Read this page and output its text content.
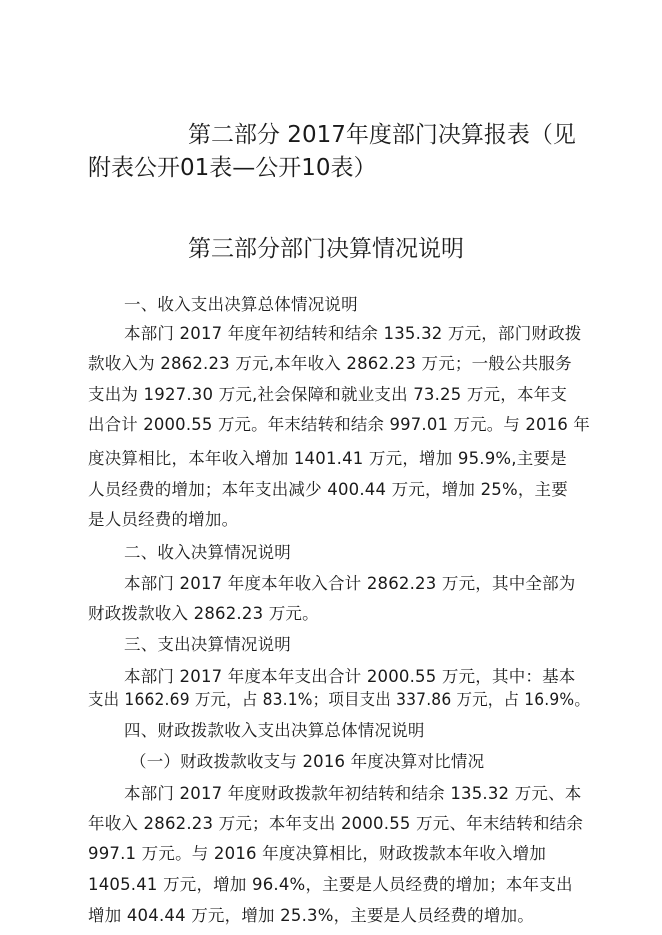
第二部分 2017年度部门决算报表（见
附表公开01表—公开10表）
第三部分部门决算情况说明
一、收入支出决算总体情况说明
本部门 2017 年度年初结转和结余 135.32 万元，部门财政拨
款收入为 2862.23 万元,本年收入 2862.23 万元；一般公共服务
支出为 1927.30 万元,社会保障和就业支出 73.25 万元，本年支
出合计 2000.55 万元。年末结转和结余 997.01 万元。与 2016 年
度决算相比，本年收入增加 1401.41 万元，增加 95.9%,主要是
人员经费的增加；本年支出减少 400.44 万元，增加 25%，主要
是人员经费的增加。
二、收入决算情况说明
本部门 2017 年度本年收入合计 2862.23 万元，其中全部为
财政拨款收入 2862.23 万元。
三、支出决算情况说明
本部门 2017 年度本年支出合计 2000.55 万元，其中：基本
支出 1662.69 万元，占 83.1%；项目支出 337.86 万元，占 16.9%。
四、财政拨款收入支出决算总体情况说明
（一）财政拨款收支与 2016 年度决算对比情况
本部门 2017 年度财政拨款年初结转和结余 135.32 万元、本
年收入 2862.23 万元；本年支出 2000.55 万元、年末结转和结余
997.1 万元。与 2016 年度决算相比，财政拨款本年收入增加
1405.41 万元，增加 96.4%，主要是人员经费的增加；本年支出
增加 404.44 万元，增加 25.3%，主要是人员经费的增加。
